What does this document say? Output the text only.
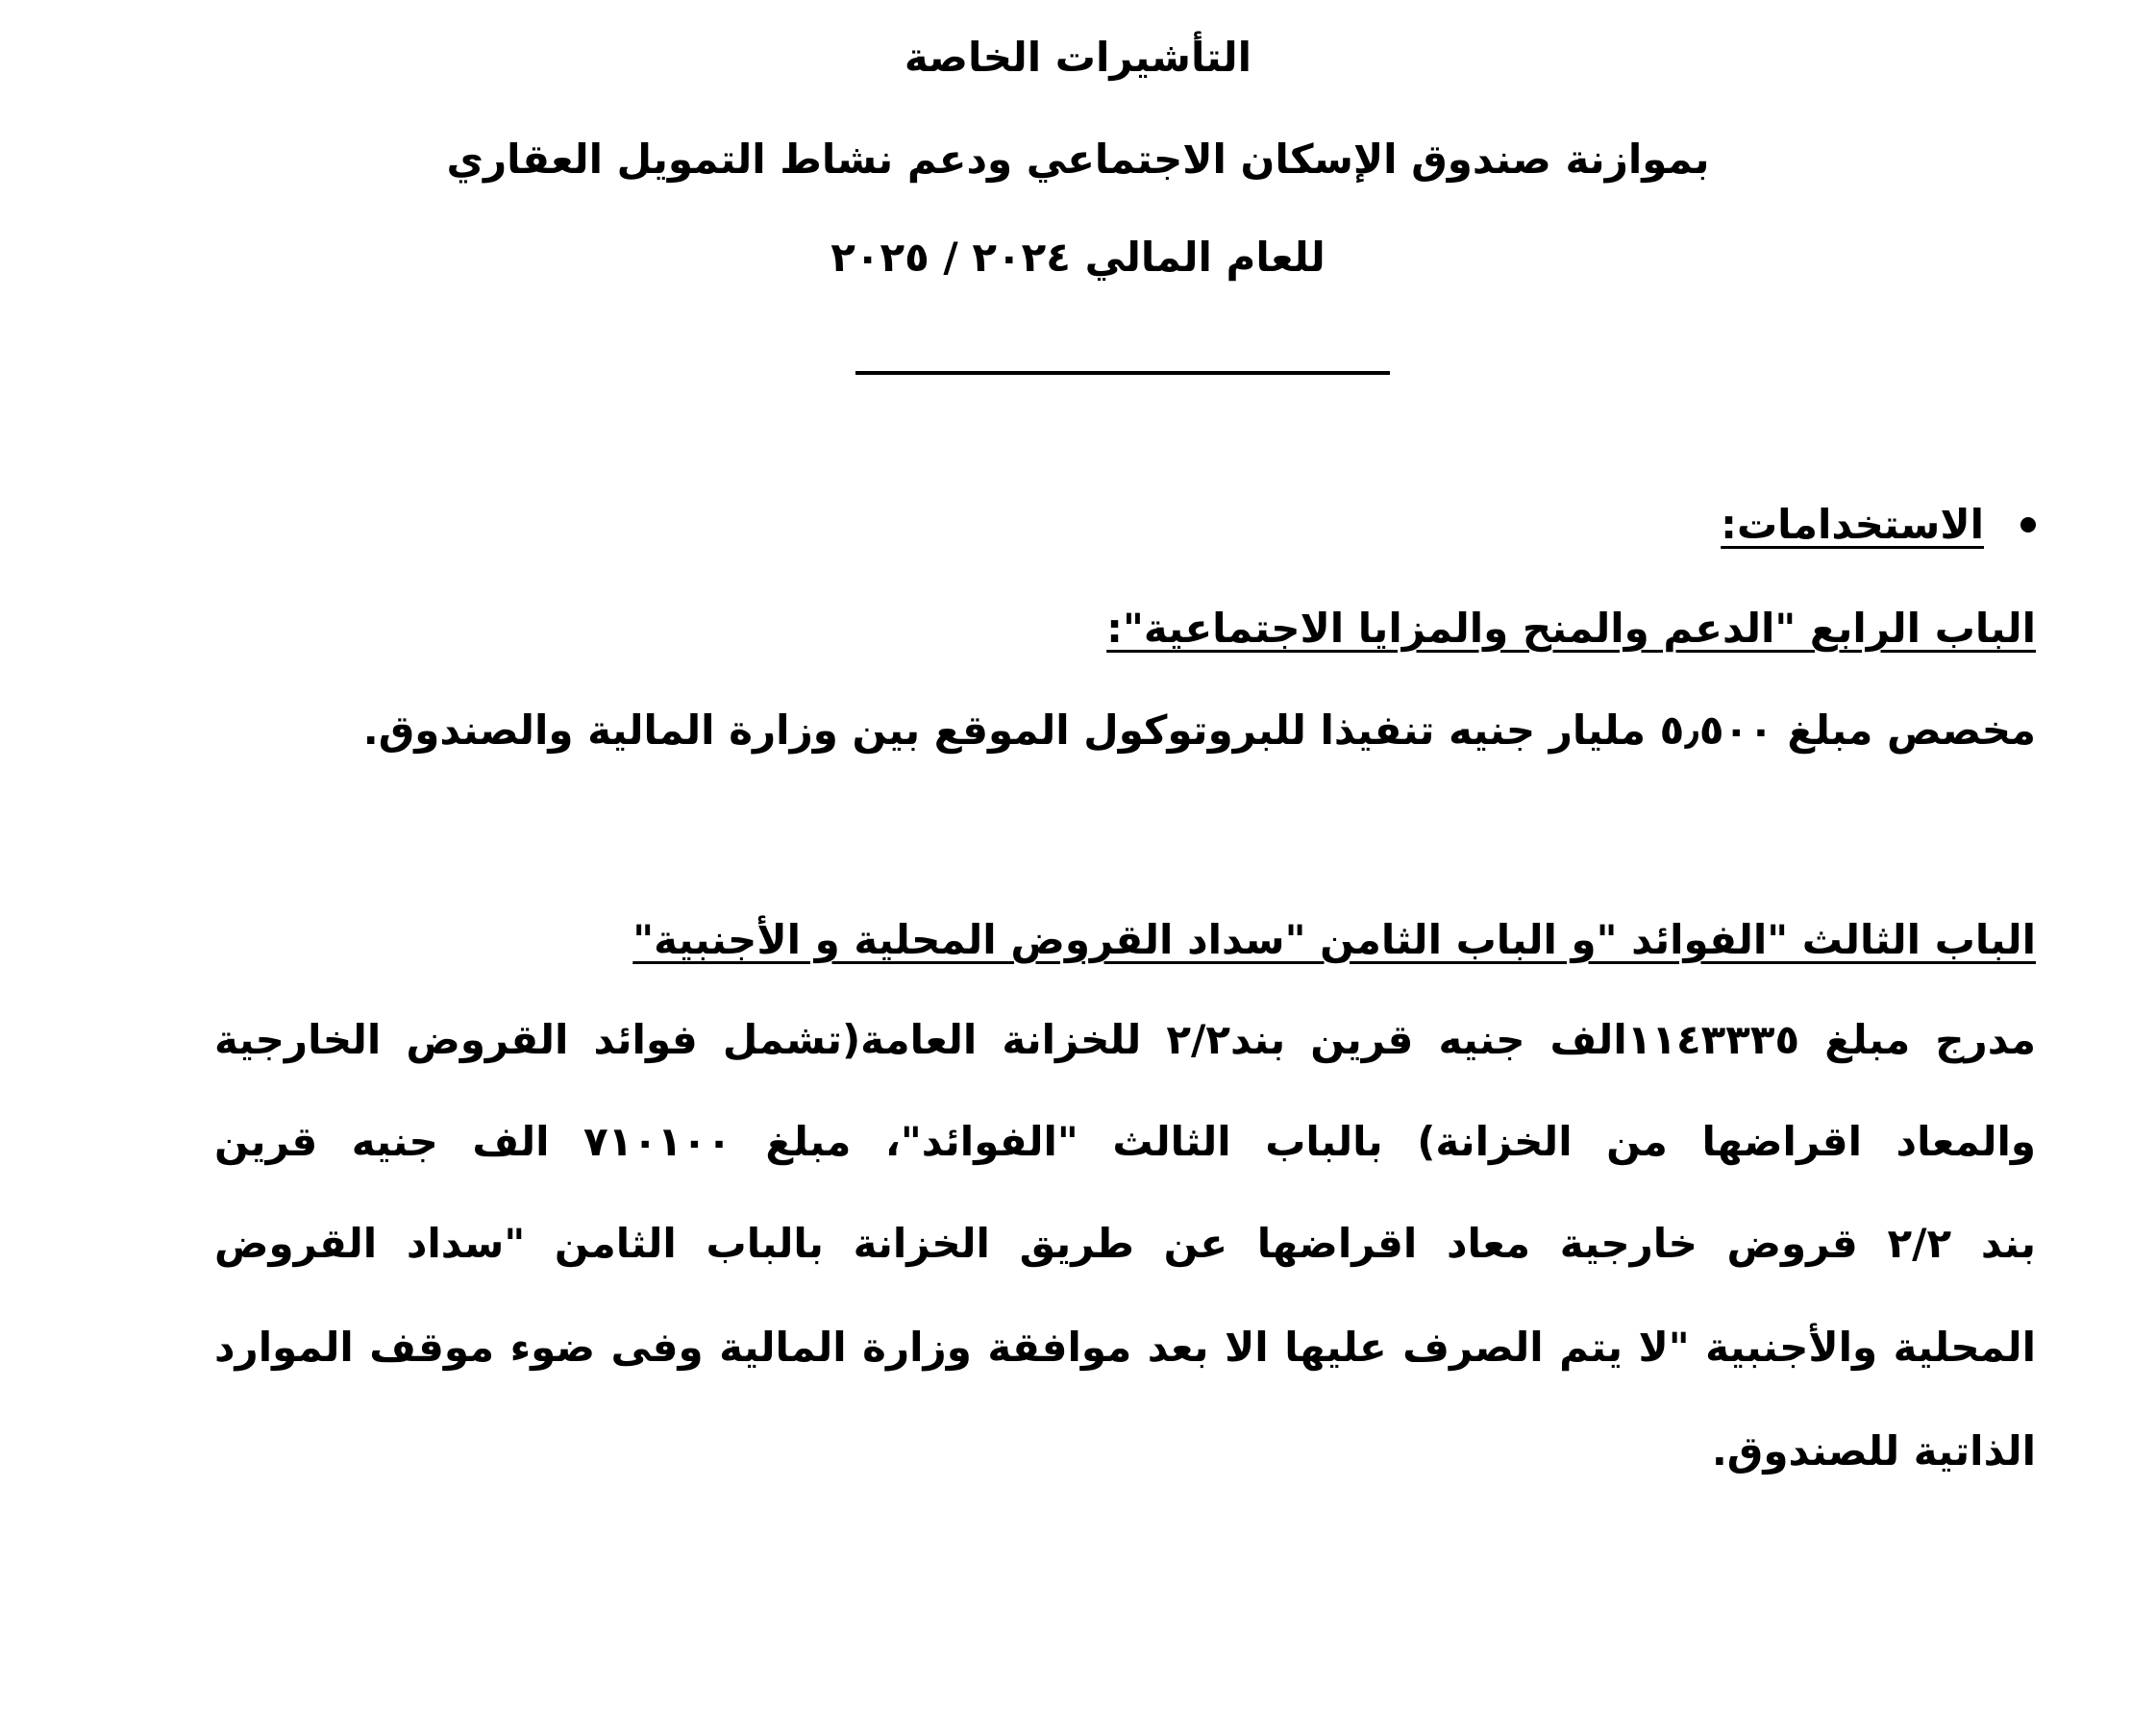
التأشيرات الخاصة
بموازنة صندوق الإسكان الاجتماعي ودعم نشاط التمويل العقاري
للعام المالي ٢٠٢٤ / ٢٠٢٥
الاستخدامات:
الباب الرابع "الدعم والمنح والمزايا الاجتماعية":
مخصص مبلغ ٥٫٥٠٠ مليار جنيه تنفيذا للبروتوكول الموقع بين وزارة المالية والصندوق.
الباب الثالث "الفوائد "و الباب الثامن "سداد القروض المحلية و الأجنبية"
مدرج مبلغ ١١٤٣٣٣٥الف جنيه قرين بند٢/٢ للخزانة العامة(تشمل فوائد القروض الخارجية
والمعاد اقراضها من الخزانة) بالباب الثالث "الفوائد"، مبلغ ٧١٠١٠٠ الف جنيه قرين
بند ٢/٢ قروض خارجية معاد اقراضها عن طريق الخزانة بالباب الثامن "سداد القروض
المحلية والأجنبية "لا يتم الصرف عليها الا بعد موافقة وزارة المالية وفى ضوء موقف الموارد
الذاتية للصندوق.
